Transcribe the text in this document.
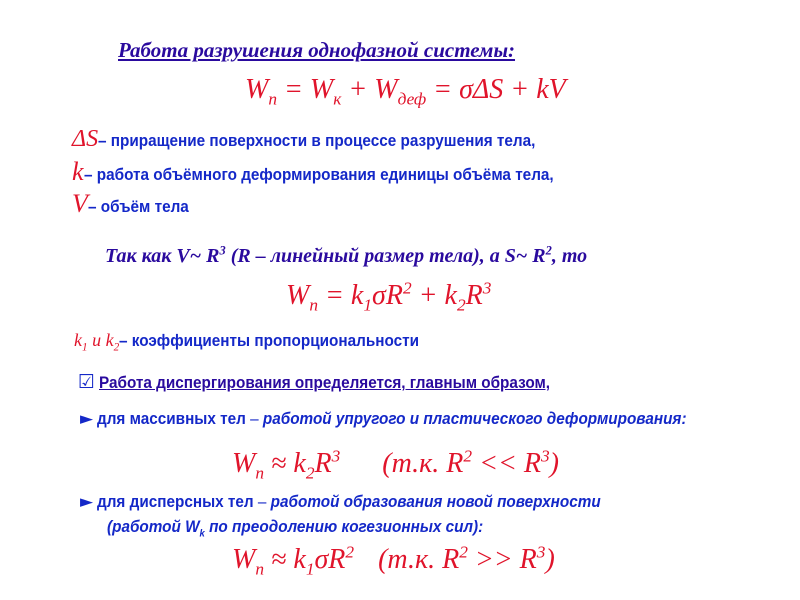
Работа разрушения однофазной системы:
$W_п = W_к + W_{деф} = \sigma\Delta S$ + kV
ΔS– приращение поверхности в процессе разрушения тела,
k– работа объёмного деформирования единицы объёма тела,
V– объём тела
Так как V~ $R^3$ (R – линейный размер тела), а S~ $R^2$, то
$W_п = k_1\sigma R^2 + k_2R^3$
$k_1$ и $k_2-$ коэффициенты пропорциональности
☑ Работа диспергирования определяется, главным образом,
► для массивных тел – работой упругого и пластического деформирования:
$W_п \approx k_2R^3$ (т.к. $R^2 << R^3$)
► для дисперсных тел – работой образования новой поверхности
(работой $W_k$ по преодолению когезионных сил):
$W_п \approx k_1\sigma R^2$ (т.к. $R^2 >> R^3$)
